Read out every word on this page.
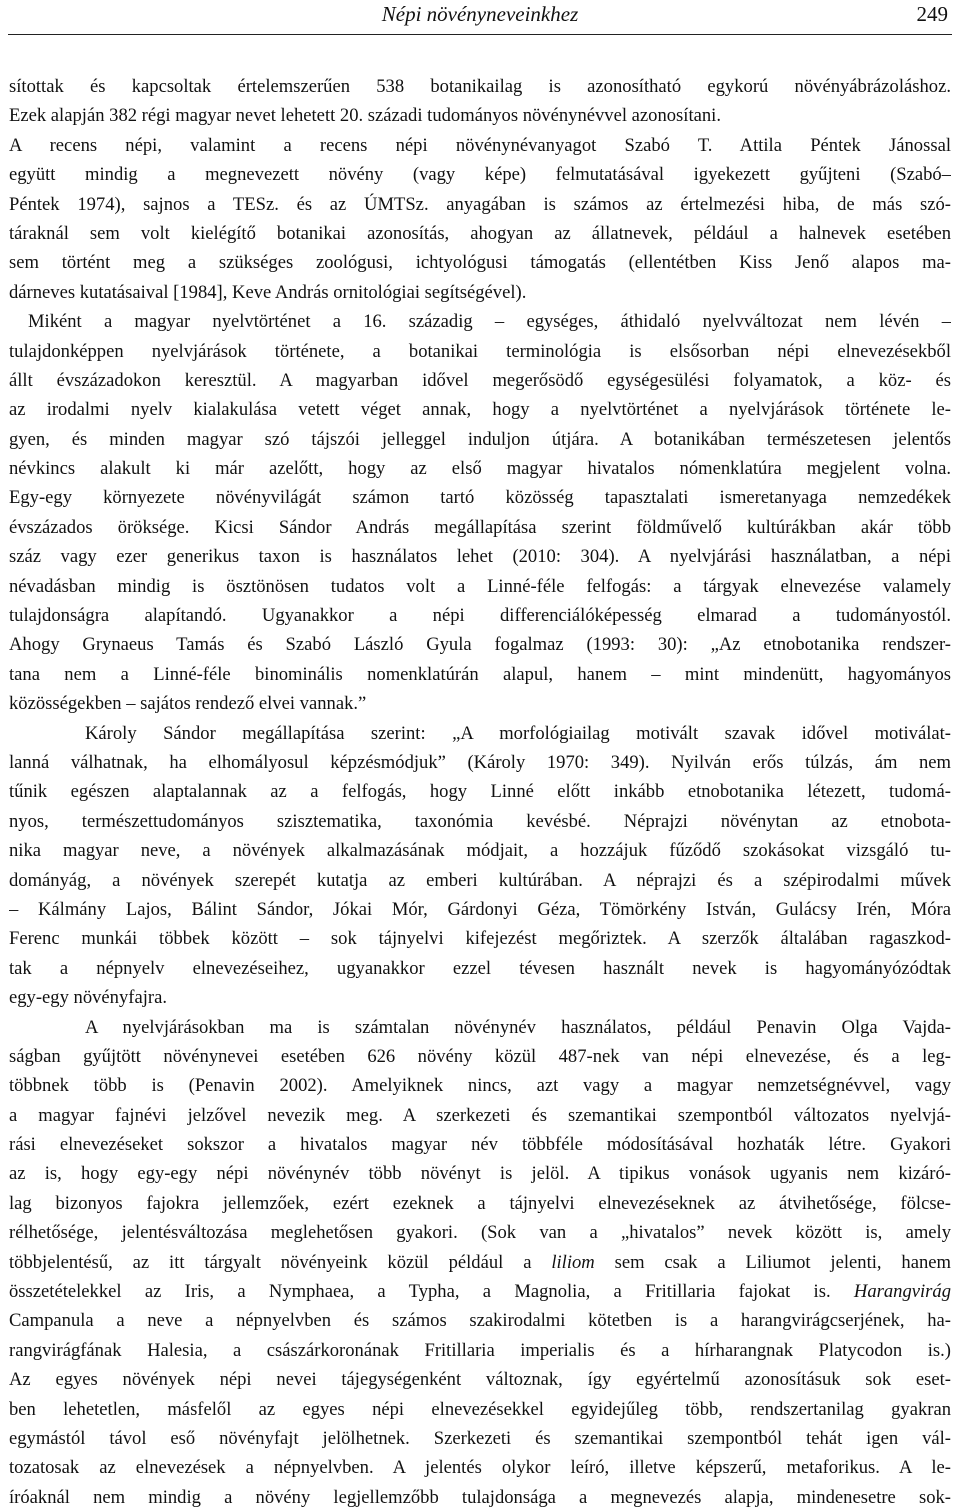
Népi növényneveinkhez	249
sítottak és kapcsoltak értelemszerűen 538 botanikailag is azonosítható egykorú növényábrázoláshoz.
Ezek alapján 382 régi magyar nevet lehetett 20. századi tudományos növénynévvel azonosítani.
A recens népi, valamint a recens népi növénynévanyagot Szabó T. Attila Péntek Jánossal
együtt mindig a megnevezett növény (vagy képe) felmutatásával igyekezett gyűjteni (Szabó–
Péntek 1974), sajnos a TESz. és az ÚMTSz. anyagában is számos az értelmezési hiba, de más szó-
táraknál sem volt kielégítő botanikai azonosítás, ahogyan az állatnevek, például a halnevek esetében
sem történt meg a szükséges zoológusi, ichtyológusi támogatás (ellentétben Kiss Jenő alapos ma-
dárneves kutatásaival [1984], Keve András ornitológiai segítségével).
Miként a magyar nyelvtörténet a 16. századig – egységes, áthidaló nyelvváltozat nem lévén –
tulajdonképpen nyelvjárások története, a botanikai terminológia is elsősorban népi elnevezésekből
állt évszázadokon keresztül. A magyarban idővel megerősödő egységesülési folyamatok, a köz- és
az irodalmi nyelv kialakulása vetett véget annak, hogy a nyelvtörténet a nyelvjárások története le-
gyen, és minden magyar szó tájszói jelleggel induljon útjára. A botanikában természetesen jelentős
névkincs alakult ki már azelőtt, hogy az első magyar hivatalos nómenklatúra megjelent volna.
Egy-egy környezete növényvilágát számon tartó közösség tapasztalati ismeretanyaga nemzedékek
évszázados öröksége. Kicsi Sándor András megállapítása szerint földművelő kultúrákban akár több
száz vagy ezer generikus taxon is használatos lehet (2010: 304). A nyelvjárási használatban, a népi
névadásban mindig is ösztönösen tudatos volt a Linné-féle felfogás: a tárgyak elnevezése valamely
tulajdonságra alapítandó. Ugyanakkor a népi differenciálóképesség elmarad a tudományostól.
Ahogy Grynaeus Tamás és Szabó László Gyula fogalmaz (1993: 30): „Az etnobotanika rendszer-
tana nem a Linné-féle binominális nomenklatúrán alapul, hanem – mint mindenütt, hagyományos
közösségekben – sajátos rendező elvei vannak.”
Károly Sándor megállapítása szerint: „A morfológiailag motivált szavak idővel motiválat-
lanná válhatnak, ha elhomályosul képzésmódjuk” (Károly 1970: 349). Nyilván erős túlzás, ám nem
tűnik egészen alaptalannak az a felfogás, hogy Linné előtt inkább etnobotanika létezett, tudomá-
nyos, természettudományos szisztematika, taxonómia kevésbé. Néprajzi növénytan az etnobota-
nika magyar neve, a növények alkalmazásának módjait, a hozzájuk fűződő szokásokat vizsgáló tu-
dományág, a növények szerepét kutatja az emberi kultúrában. A néprajzi és a szépirodalmi művek
– Kálmány Lajos, Bálint Sándor, Jókai Mór, Gárdonyi Géza, Tömörkény István, Gulácsy Irén, Móra
Ferenc munkái többek között – sok tájnyelvi kifejezést megőriztek. A szerzők általában ragaszkod-
tak a népnyelv elnevezéseihez, ugyanakkor ezzel tévesen használt nevek is hagyományózódtak
egy-egy növényfajra.
A nyelvjárásokban ma is számtalan növénynév használatos, például Penavin Olga Vajda-
ságban gyűjtött növénynevei esetében 626 növény közül 487-nek van népi elnevezése, és a leg-
többnek több is (Penavin 2002). Amelyiknek nincs, azt vagy a magyar nemzetségnévvel, vagy
a magyar fajnévi jelzővel nevezik meg. A szerkezeti és szemantikai szempontból változatos nyelvjá-
rási elnevezéseket sokszor a hivatalos magyar név többféle módosításával hozhaták létre. Gyakori
az is, hogy egy-egy népi növénynév több növényt is jelöl. A tipikus vonások ugyanis nem kizáró-
lag bizonyos fajokra jellemzőek, ezért ezeknek a tájnyelvi elnevezéseknek az átvihetősége, fölcse-
rélhetősége, jelentésváltozása meglehetősen gyakori. (Sok van a „hivatalos” nevek között is, amely
többjelentésű, az itt tárgyalt növényeink közül például a liliom sem csak a Liliumot jelenti, hanem
összetételekkel az Iris, a Nymphaea, a Typha, a Magnolia, a Fritillaria fajokat is. Harangvirág
Campanula a neve a népnyelvben és számos szakirodalmi kötetben is a harangvirágcserjének, ha-
rangvirágfának Halesia, a császárkoronának Fritillaria imperialis és a hírharangnak Platycodon is.)
Az egyes növények népi nevei tájegységenként változnak, így egyértelmű azonosításuk sok eset-
ben lehetetlen, másfelől az egyes népi elnevezésekkel egyidejűleg több, rendszertanilag gyakran
egymástól távol eső növényfajt jelölhetnek. Szerkezeti és szemantikai szempontból tehát igen vál-
tozatosak az elnevezések a népnyelvben. A jelentés olykor leíró, illetve képszerű, metaforikus. A le-
íróaknál nem mindig a növény legjellemzőbb tulajdonsága a megnevezés alapja, mindenesetre sok-
